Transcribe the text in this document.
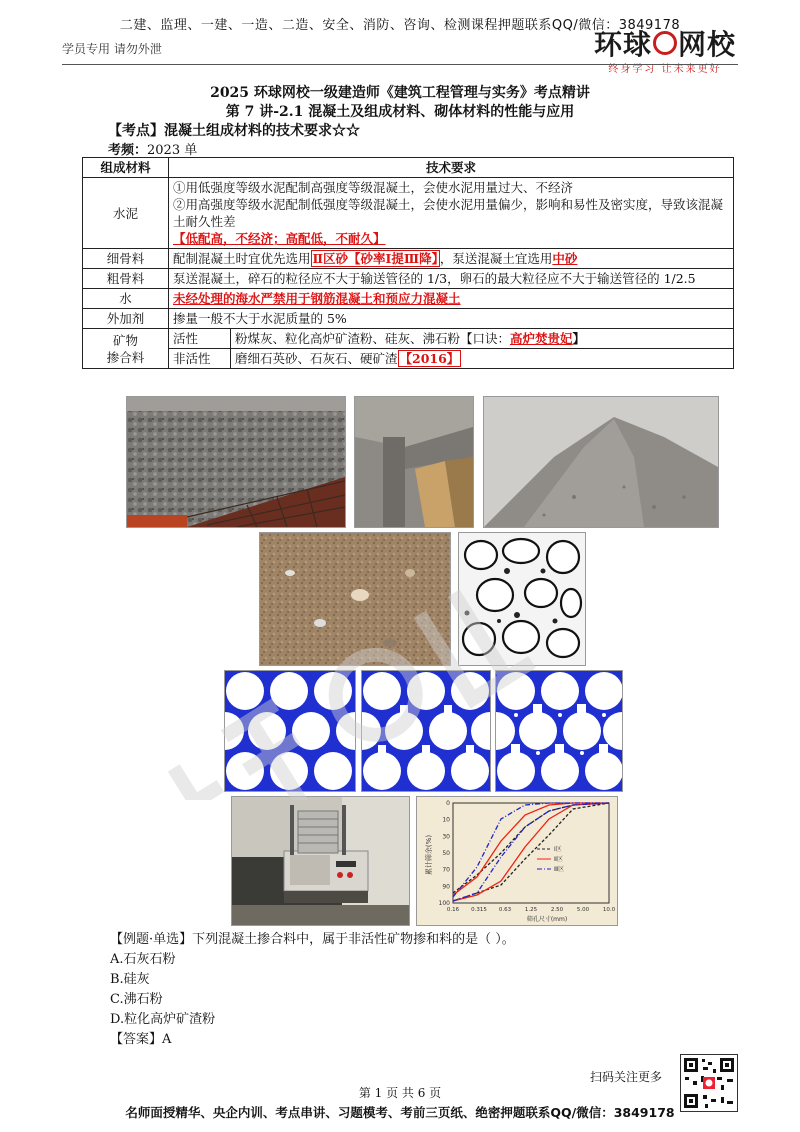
二建、监理、一建、一造、二造、安全、消防、咨询、检测课程押题联系QQ/微信：3849178
学员专用 请勿外泄	环球 网校
终身学习 让未来更好
2025 环球网校一级建造师《建筑工程管理与实务》考点精讲
第 7 讲-2.1 混凝土及组成材料、砌体材料的性能与应用
【考点】混凝土组成材料的技术要求☆☆
考频：2023 单
组成材料	技术要求	
水泥	①用低强度等级水泥配制高强度等级混凝土，会使水泥用量过大、不经济
②用高强度等级水泥配制低强度等级混凝土，会使水泥用量偏少，影响和易性及密实度，导致该混凝土耐久性差
【低配高，不经济；高配低，不耐久】	

细骨料	配制混凝土时宜优先选用 Ⅱ区砂【砂率Ⅰ提Ⅲ降】 ，泵送混凝土宜选用中砂	
粗骨料	泵送混凝土，碎石的粒径应不大于输送管径的 1/3，卵石的最大粒径应不大于输送管径的 1/2.5	
水	未经处理的海水严禁用于钢筋混凝土和预应力混凝土	
外加剂	掺量一般不大于水泥质量的 5%	

矿物
掺合料	活性	粉煤灰、粒化高炉矿渣粉、硅灰、沸石粉【口诀：高炉焚贵妃】
	非活性	磨细石英砂、石灰石、硬矿渣 【2016】
累计筛余(%)
筛孔尺寸(mm)
0
10
30
50
70
90
100
0.16 0.315 0.63	1.25	2.50	5.00	10.0
Ⅰ区
Ⅱ区
Ⅲ区
【例题·单选】下列混凝土掺合料中，属于非活性矿物掺和料的是（ ）。
A.石灰石粉
B.硅灰
C.沸石粉
D.粒化高炉矿渣粉
【答案】A
扫码关注更多
第 1 页 共 6 页
名师面授精华、央企内训、考点串讲、习题模考、考前三页纸、绝密押题联系QQ/微信：3849178
